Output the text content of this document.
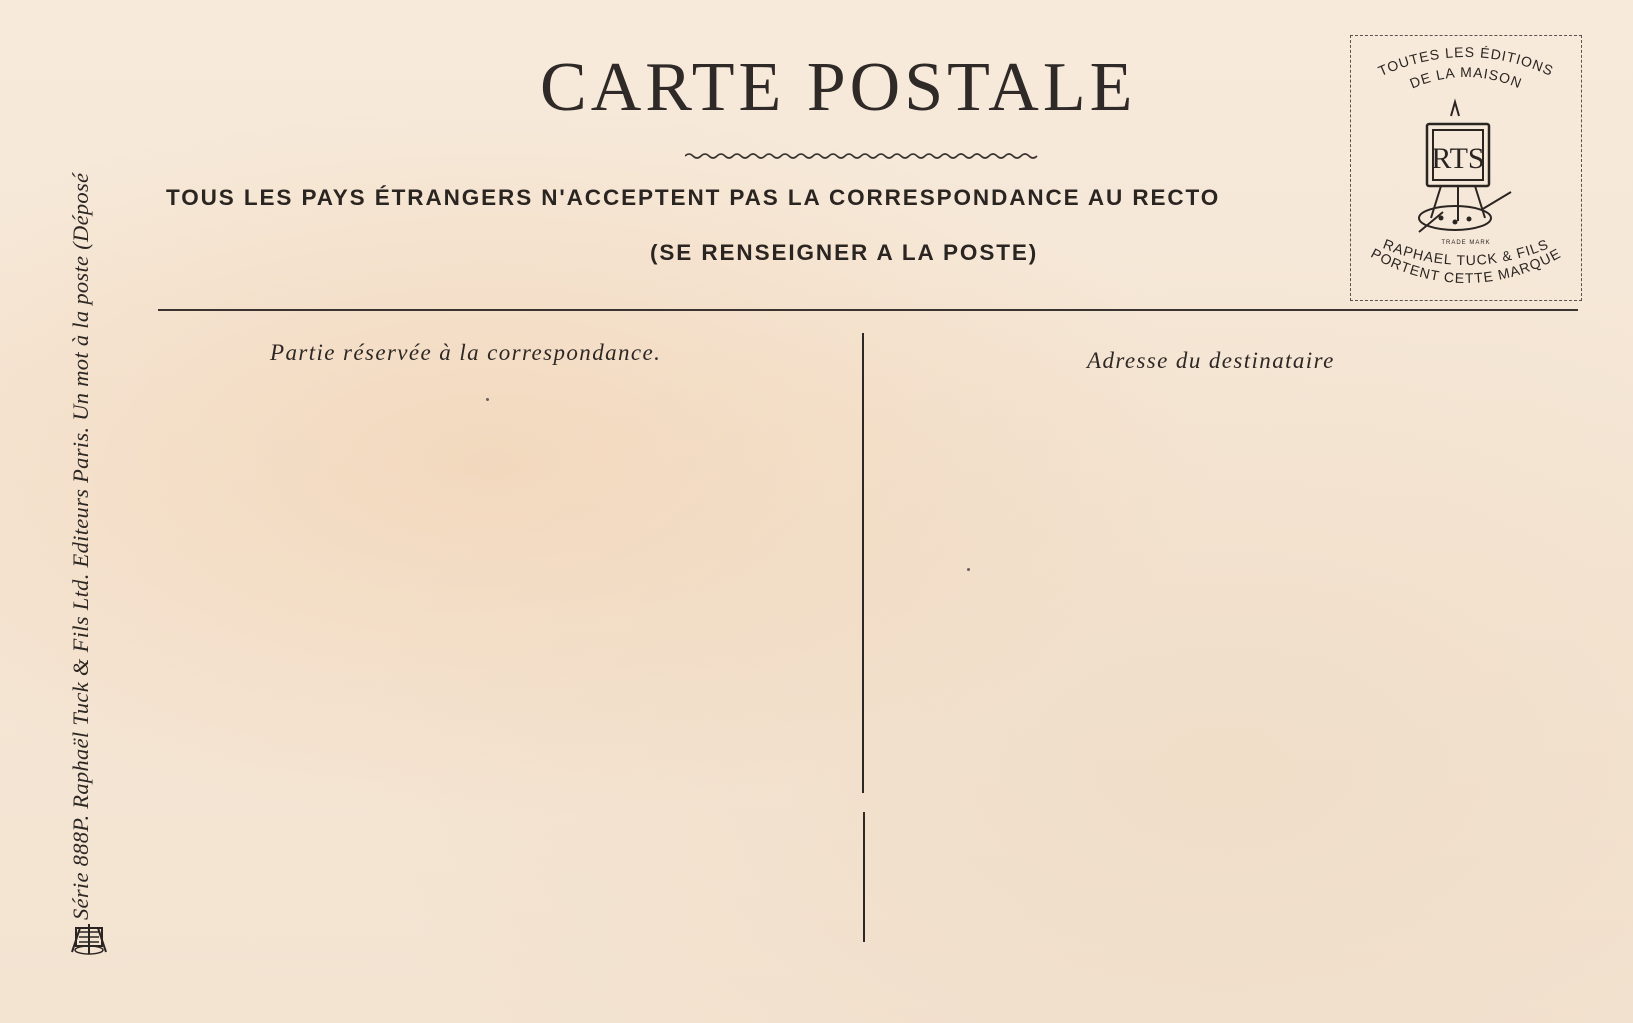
Série 888P. Raphaël Tuck & Fils Ltd. Editeurs Paris. Un mot à la poste (Déposé
CARTE POSTALE
TOUS LES PAYS ÉTRANGERS N'ACCEPTENT PAS LA CORRESPONDANCE AU RECTO
(SE RENSEIGNER A LA POSTE)
TOUTES LES ÉDITIONS
DE LA MAISON
RTS
TRADE MARK
RAPHAEL TUCK & FILS
PORTENT CETTE MARQUE
Partie réservée à la correspondance.	Adresse du destinataire
